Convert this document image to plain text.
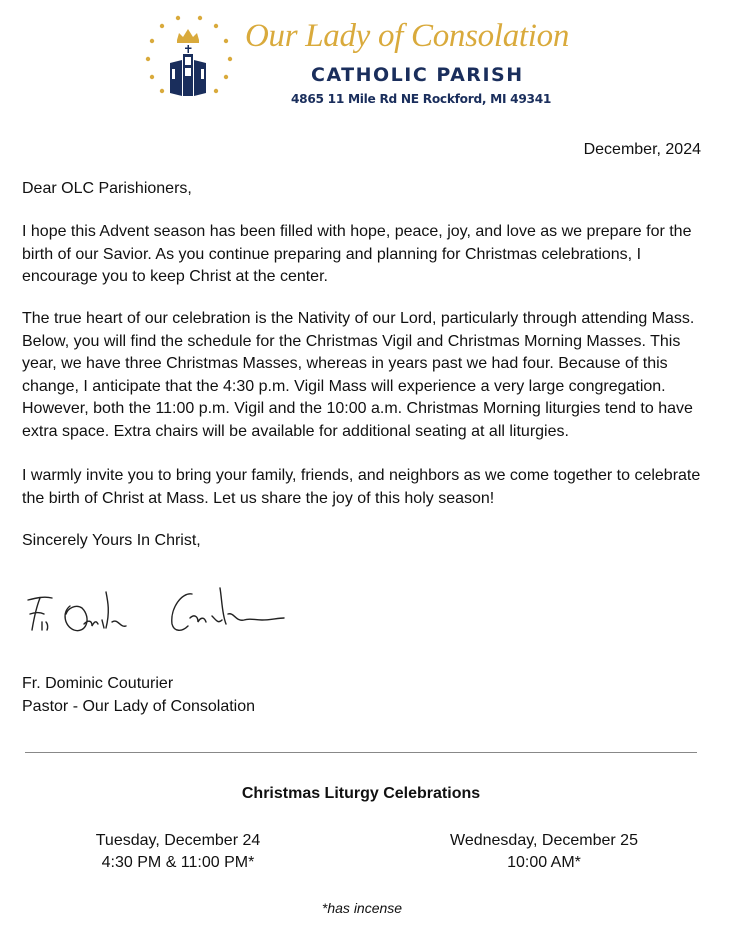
Our Lady of Consolation
CATHOLIC PARISH
4865 11 Mile Rd NE Rockford, MI 49341
December, 2024

Dear OLC Parishioners,

I hope this Advent season has been filled with hope, peace, joy, and love as we prepare for the birth of our Savior. As you continue preparing and planning for Christmas celebrations, I encourage you to keep Christ at the center.

The true heart of our celebration is the Nativity of our Lord, particularly through attending Mass. Below, you will find the schedule for the Christmas Vigil and Christmas Morning Masses. This year, we have three Christmas Masses, whereas in years past we had four. Because of this change, I anticipate that the 4:30 p.m. Vigil Mass will experience a very large congregation. However, both the 11:00 p.m. Vigil and the 10:00 a.m. Christmas Morning liturgies tend to have extra space. Extra chairs will be available for additional seating at all liturgies.

I warmly invite you to bring your family, friends, and neighbors as we come together to celebrate the birth of Christ at Mass. Let us share the joy of this holy season!

Sincerely Yours In Christ,

Fr. Dominic Couturier
Pastor - Our Lady of Consolation
Christmas Liturgy Celebrations
Tuesday, December 24
4:30 PM & 11:00 PM*
Wednesday, December 25
10:00 AM*
*has incense
